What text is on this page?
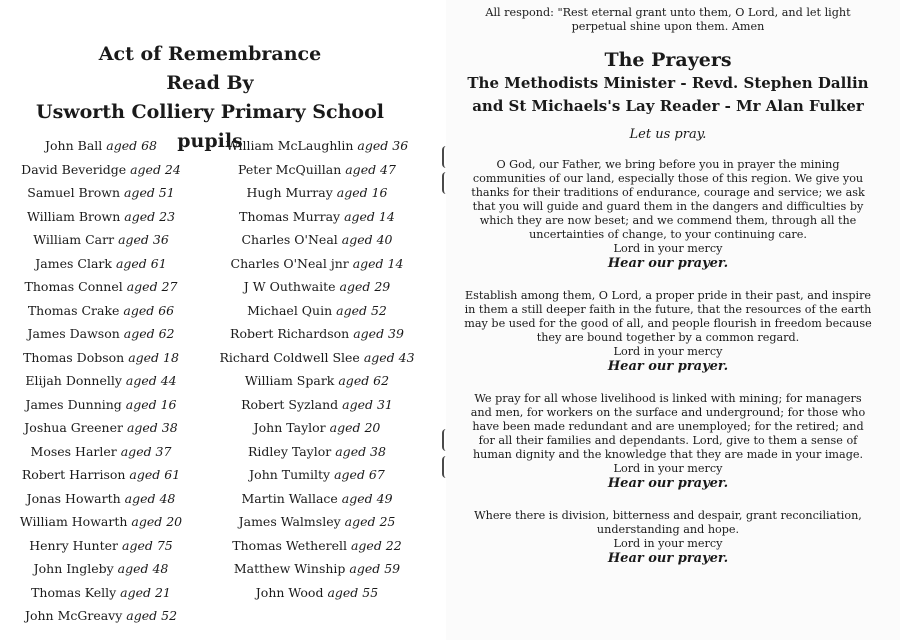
Act of Remembrance
Read By
Usworth Colliery Primary School pupils
John Ball aged 68
David Beveridge aged 24
Samuel Brown aged 51
William Brown aged 23
William Carr aged 36
James Clark aged 61
Thomas Connel aged 27
Thomas Crake aged 66
James Dawson aged 62
Thomas Dobson aged 18
Elijah Donnelly aged 44
James Dunning aged 16
Joshua Greener aged 38
Moses Harler aged 37
Robert Harrison aged 61
Jonas Howarth aged 48
William Howarth aged 20
Henry Hunter aged 75
John Ingleby aged 48
Thomas Kelly aged 21
John McGreavy aged 52
William McLaughlin aged 36
Peter McQuillan aged 47
Hugh Murray aged 16
Thomas Murray aged 14
Charles O'Neal aged 40
Charles O'Neal jnr aged 14
J W Outhwaite aged 29
Michael Quin aged 52
Robert Richardson aged 39
Richard Coldwell Slee aged 43
William Spark aged 62
Robert Syzland aged 31
John Taylor aged 20
Ridley Taylor aged 38
John Tumilty aged 67
Martin Wallace aged 49
James Walmsley aged 25
Thomas Wetherell aged 22
Matthew Winship aged 59
John Wood aged 55
All respond: "Rest eternal grant unto them, O Lord, and let light
perpetual shine upon them. Amen
The Prayers
The Methodists Minister - Revd. Stephen Dallin
and St Michaels's Lay Reader - Mr Alan Fulker
Let us pray.
O God, our Father, we bring before you in prayer the mining
communities of our land, especially those of this region. We give you
thanks for their traditions of endurance, courage and service; we ask
that you will guide and guard them in the dangers and difficulties by
which they are now beset; and we commend them, through all the
uncertainties of change, to your continuing care.
Lord in your mercy
Hear our prayer.
Establish among them, O Lord, a proper pride in their past, and inspire
in them a still deeper faith in the future, that the resources of the earth
may be used for the good of all, and people flourish in freedom because
they are bound together by a common regard.
Lord in your mercy
Hear our prayer.
We pray for all whose livelihood is linked with mining; for managers
and men, for workers on the surface and underground; for those who
have been made redundant and are unemployed; for the retired; and
for all their families and dependants. Lord, give to them a sense of
human dignity and the knowledge that they are made in your image.
Lord in your mercy
Hear our prayer.
Where there is division, bitterness and despair, grant reconciliation,
understanding and hope.
Lord in your mercy
Hear our prayer.
